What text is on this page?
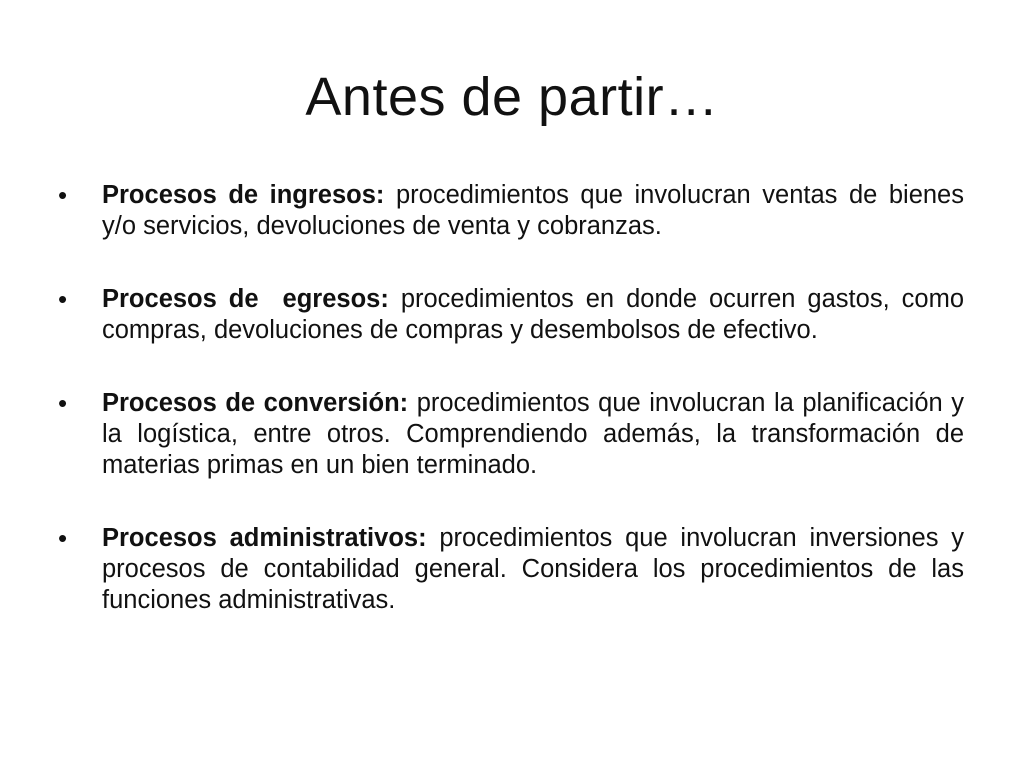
Antes de partir…
•	Procesos de ingresos: procedimientos que involucran ventas de bienes y/o servicios, devoluciones de venta y cobranzas.
•	Procesos de  egresos: procedimientos en donde ocurren gastos, como compras, devoluciones de compras y desembolsos de efectivo.
•	Procesos de conversión: procedimientos que involucran la planificación y la logística, entre otros. Comprendiendo además, la transformación de materias primas en un bien terminado.
•	Procesos administrativos: procedimientos que involucran inversiones y procesos de contabilidad general. Considera los procedimientos de las funciones administrativas.
